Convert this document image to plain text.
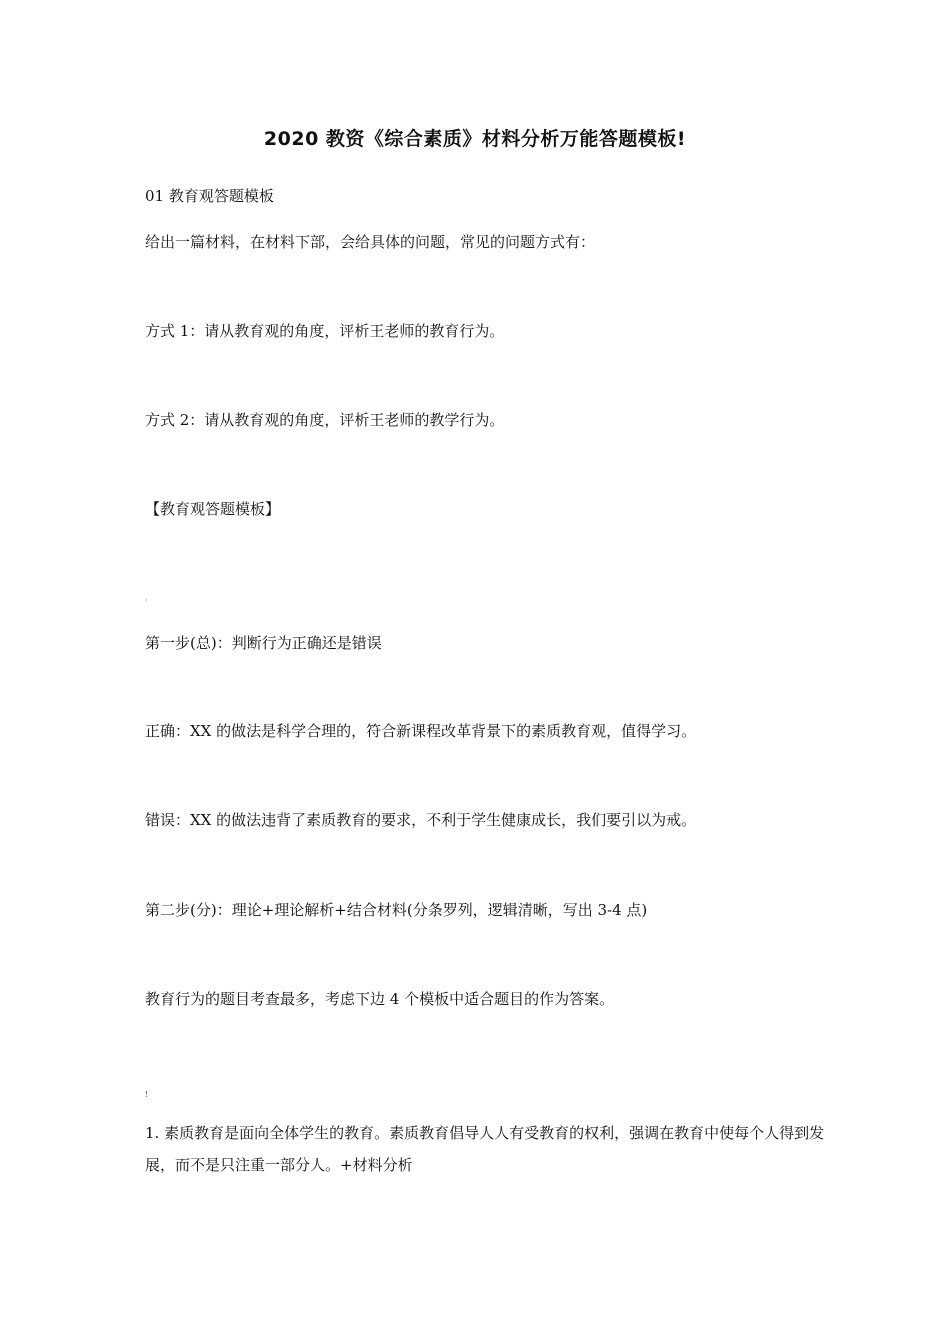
2020 教资《综合素质》材料分析万能答题模板!
01 教育观答题模板
给出一篇材料，在材料下部，会给具体的问题，常见的问题方式有：
方式 1：请从教育观的角度，评析王老师的教育行为。
方式 2：请从教育观的角度，评析王老师的教学行为。
【教育观答题模板】
·
第一步(总)：判断行为正确还是错误
正确：XX 的做法是科学合理的，符合新课程改革背景下的素质教育观，值得学习。
错误：XX 的做法违背了素质教育的要求，不利于学生健康成长，我们要引以为戒。
第二步(分)：理论+理论解析+结合材料(分条罗列，逻辑清晰，写出 3-4 点)
教育行为的题目考查最多，考虑下边 4 个模板中适合题目的作为答案。
!
1. 素质教育是面向全体学生的教育。素质教育倡导人人有受教育的权利，强调在教育中使每个人得到发展，而不是只注重一部分人。+材料分析
